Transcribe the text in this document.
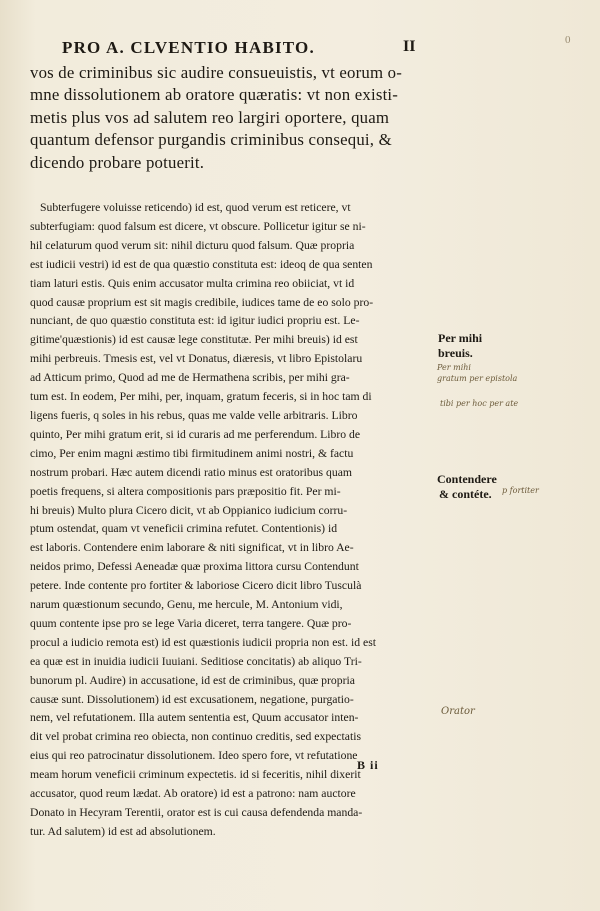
PRO A. CLVENTIO HABITO.	II	0
vos de criminibus sic audire consueuistis, vt eorum o-
mne dissolutionem ab oratore quæratis: vt non existi-
metis plus vos ad salutem reo largiri oportere, quam
quantum defensor purgandis criminibus consequi, &
dicendo probare potuerit.
Subterfugere voluisse reticendo) id est, quod verum est reticere, vt
subterfugiam: quod falsum est dicere, vt obscure. Pollicetur igitur se ni-
hil celaturum quod verum sit: nihil dicturu quod falsum. Quæ propria
est iudicii vestri) id est de qua quæstio constituta est: ideoq de qua senten
tiam laturi estis. Quis enim accusator multa crimina reo obiiciat, vt id
quod causæ proprium est sit magis credibile, iudices tame de eo solo pro-
nunciant, de quo quæstio constituta est: id igitur iudici propriu est. Le-
gitime'quæstionis) id est causæ lege constitutæ. Per mihi breuis) id est
mihi perbreuis. Tmesis est, vel vt Donatus, diæresis, vt libro Epistolaru
ad Atticum primo, Quod ad me de Hermathena scribis, per mihi gra-
tum est. In eodem, Per mihi, per, inquam, gratum feceris, si in hoc tam di
ligens fueris, q soles in his rebus, quas me valde velle arbitraris. Libro
quinto, Per mihi gratum erit, si id curaris ad me perferendum. Libro de
cimo, Per enim magni æstimo tibi firmitudinem animi nostri, & factu
nostrum probari. Hæc autem dicendi ratio minus est oratoribus quam
poetis frequens, si altera compositionis pars præpositio fit. Per mi-
hi breuis) Multo plura Cicero dicit, vt ab Oppianico iudicium corru-
ptum ostendat, quam vt veneficii crimina refutet. Contentionis) id
est laboris. Contendere enim laborare & niti significat, vt in libro Ae-
neidos primo, Defessi Aeneadæ quæ proxima littora cursu Contendunt
petere. Inde contente pro fortiter & laboriose Cicero dicit libro Tusculà
narum quæstionum secundo, Genu, me hercule, M. Antonium vidi,
quum contente ipse pro se lege Varia diceret, terra tangere. Quæ pro-
procul a iudicio remota est) id est quæstionis iudicii propria non est. id est
ea quæ est in inuidia iudicii Iuuiani. Seditiose concitatis) ab aliquo Tri-
bunorum pl. Audire) in accusatione, id est de criminibus, quæ propria
causæ sunt. Dissolutionem) id est excusationem, negatione, purgatio-
nem, vel refutationem. Illa autem sententia est, Quum accusator inten-
dit vel probat crimina reo obiecta, non continuo creditis, sed expectatis
eius qui reo patrocinatur dissolutionem. Ideo spero fore, vt refutatione
meam horum veneficii criminum expectetis. id si feceritis, nihil dixerit
accusator, quod reum lædat. Ab oratore) id est a patrono: nam auctore
Donato in Hecyram Terentii, orator est is cui causa defendenda manda-
tur. Ad salutem) id est ad absolutionem.
Per mihi
breuis.
Contendere
& contéte.
Per mihi
gratum per epistola
tibi per hoc per ate
p fortiter
Orator
B ii
